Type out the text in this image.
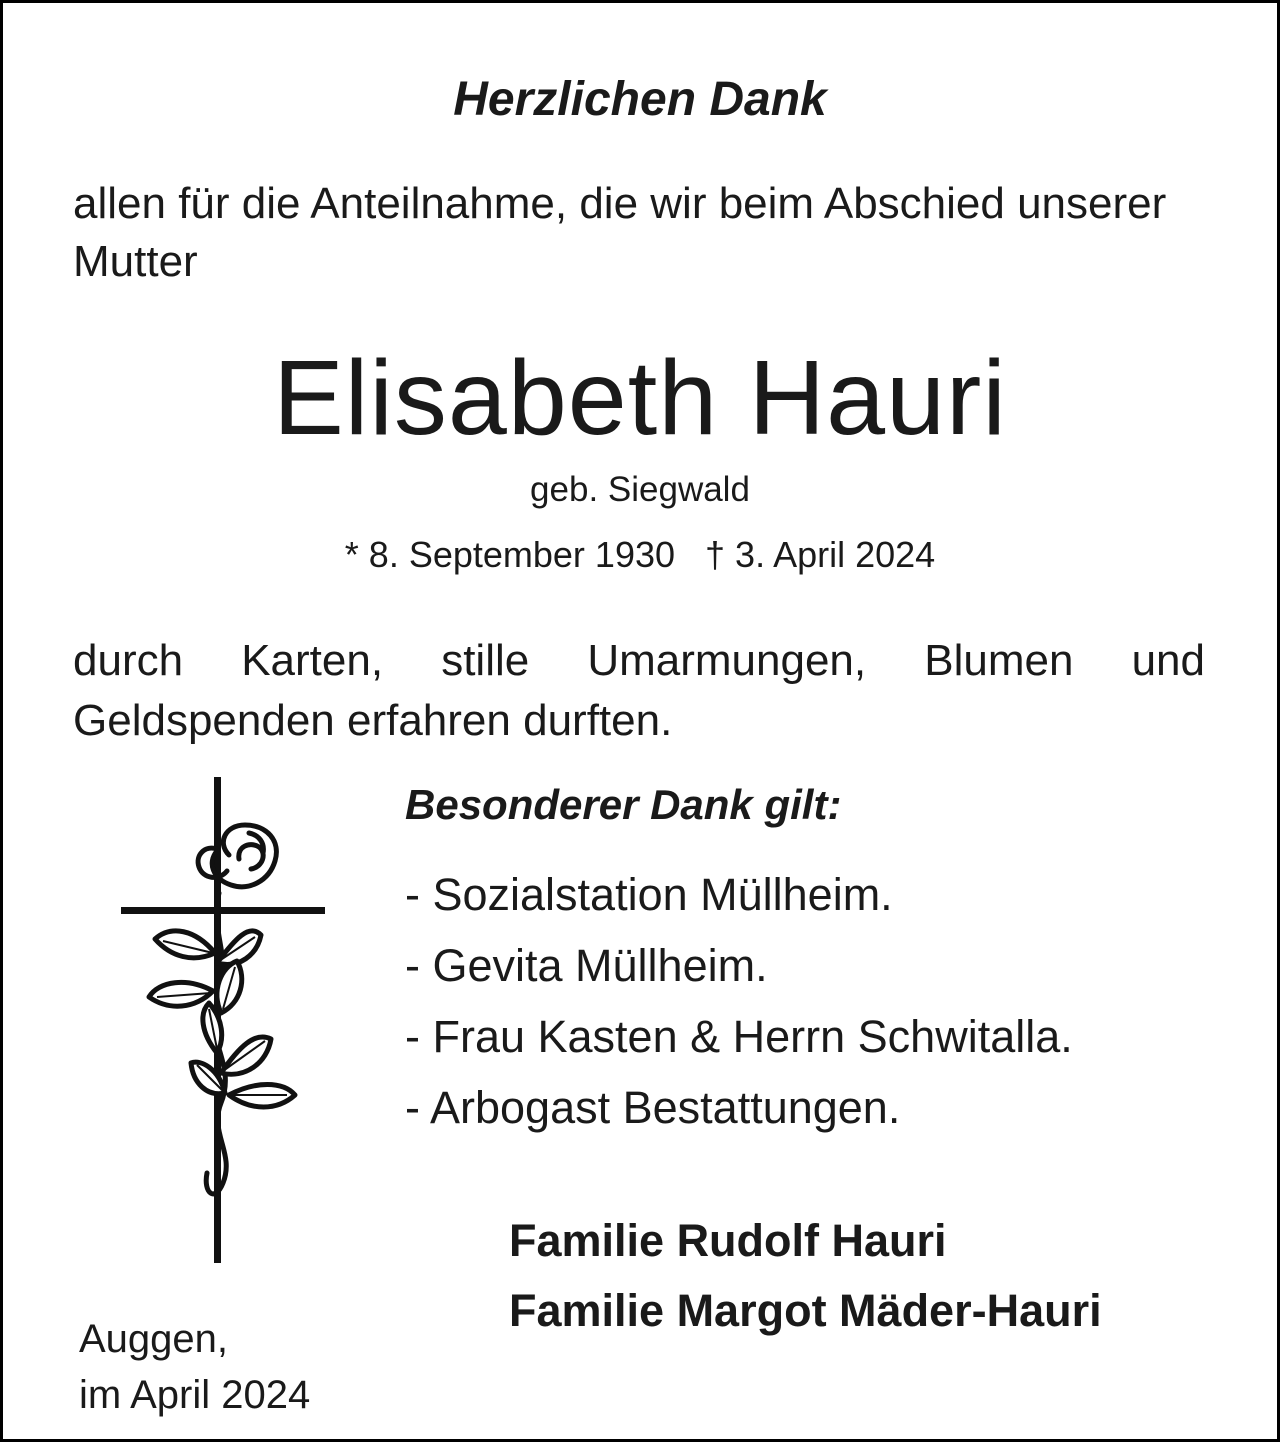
Herzlichen Dank

allen für die Anteilnahme, die wir beim Abschied unserer Mutter

Elisabeth Hauri
geb. Siegwald
* 8. September 1930 † 3. April 2024

durch Karten, stille Umarmungen, Blumen und Geldspenden erfahren durften.

Besonderer Dank gilt:
- Sozialstation Müllheim.
- Gevita Müllheim.
- Frau Kasten & Herrn Schwitalla.
- Arbogast Bestattungen.
Familie Rudolf Hauri
Familie Margot Mäder-Hauri
Auggen,
im April 2024
